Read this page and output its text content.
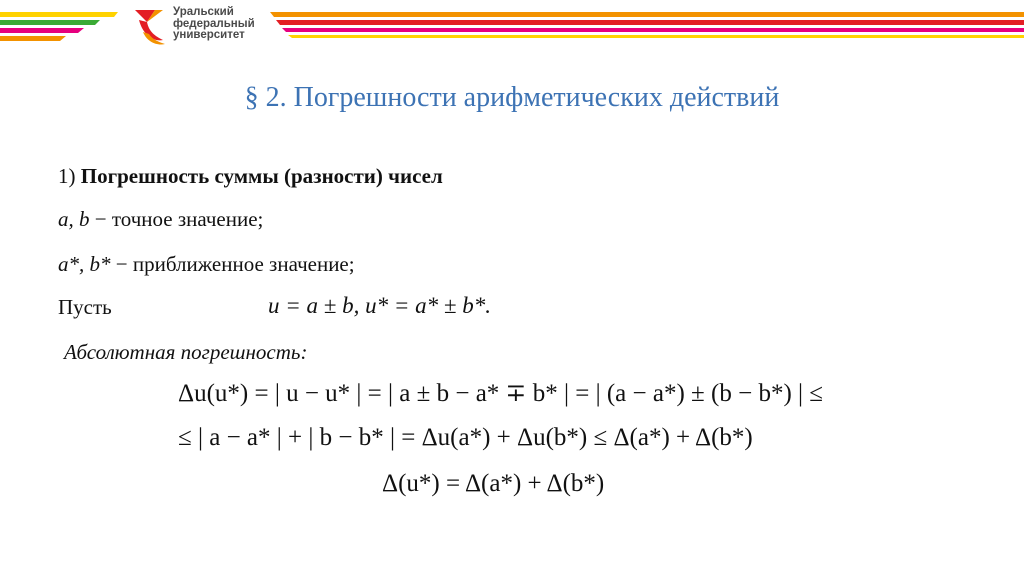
Уральский
федеральный
университет
§ 2. Погрешности арифметических действий
1) Погрешность суммы (разности) чисел
a, b − точное значение;
a*, b* − приближенное значение;
Пусть	u = a ± b, u* = a* ± b*.
Абсолютная погрешность:
Δu(u*) = | u − u* | = | a ± b − a* ∓ b* | = | (a − a*) ± (b − b*) | ≤
≤ | a − a* | + | b − b* | = Δu(a*) + Δu(b*) ≤ Δ(a*) + Δ(b*)
Δ(u*) = Δ(a*) + Δ(b*)
